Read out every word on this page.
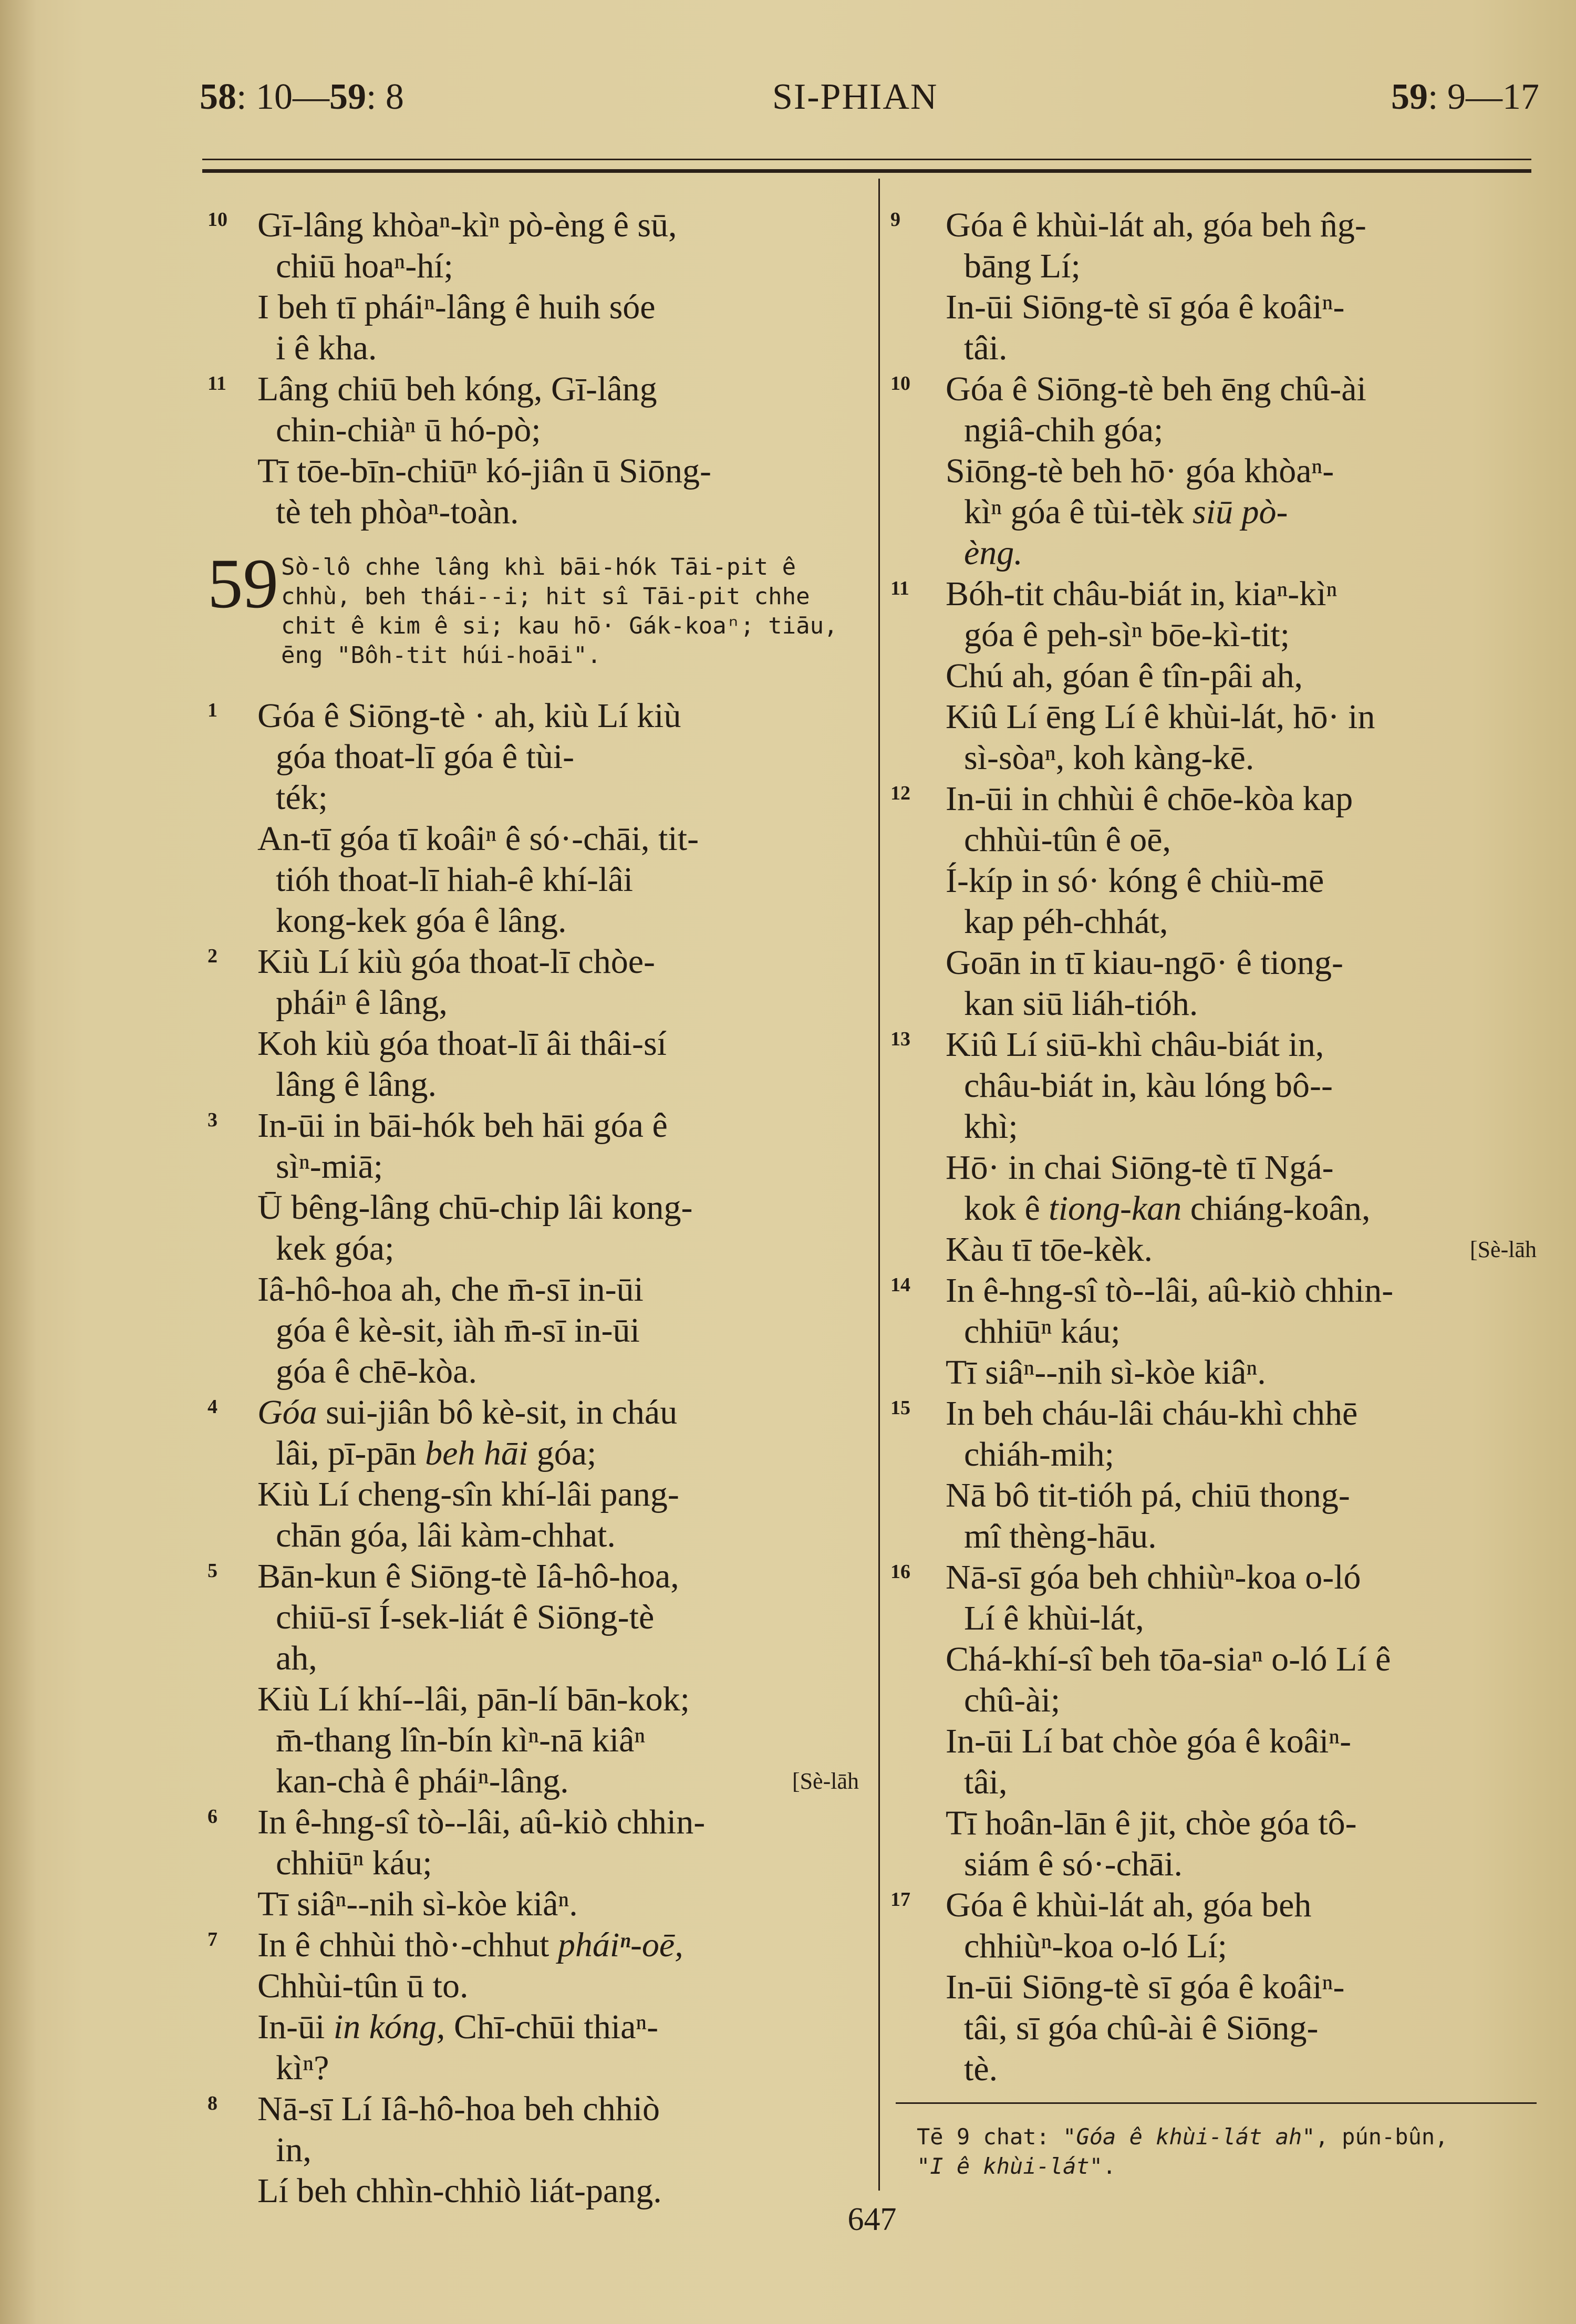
58: 10—59: 8	SI-PHIAN	59: 9—17
10 Gī-lâng khòaⁿ-kìⁿ pò-èng ê sū,
chiū hoaⁿ-hí;
I beh tī pháiⁿ-lâng ê huih sóe
i ê kha.
11 Lâng chiū beh kóng, Gī-lâng
chin-chiàⁿ ū hó-pò;
Tī tōe-bīn-chiūⁿ kó-jiân ū Siōng-
tè teh phòaⁿ-toàn.
59 Sò-lô chhe lâng khì bāi-hók Tāi-pit ê chhù, beh thái--i; hit sî Tāi-pit chhe chit ê kim ê si; kau hō· Gák-koaⁿ; tiāu, ēng "Bôh-tit húi-hoāi".
1	Góa ê Siōng-tè · ah, kiù Lí kiù
góa thoat-lī góa ê tùi-
ték;
An-tī góa tī koâiⁿ ê só·-chāi, tit-
tióh thoat-lī hiah-ê khí-lâi
kong-kek góa ê lâng.
2	Kiù Lí kiù góa thoat-lī chòe-
pháiⁿ ê lâng,
Koh kiù góa thoat-lī âi thâi-sí
lâng ê lâng.
3	In-ūi in bāi-hók beh hāi góa ê
sìⁿ-miā;
Ū bêng-lâng chū-chip lâi kong-
kek góa;
Iâ-hô-hoa ah, che m̄-sī in-ūi
góa ê kè-sit, iàh m̄-sī in-ūi
góa ê chē-kòa.
4	Góa sui-jiân bô kè-sit, in cháu
lâi, pī-pān beh hāi góa;
Kiù Lí cheng-sîn khí-lâi pang-
chān góa, lâi kàm-chhat.
5	Bān-kun ê Siōng-tè Iâ-hô-hoa,
chiū-sī Í-sek-liát ê Siōng-tè
ah,
Kiù Lí khí--lâi, pān-lí bān-kok;
m̄-thang lîn-bín kìⁿ-nā kiâⁿ
kan-chà ê pháiⁿ-lâng.	[Sè-lāh
6	In ê-hng-sî tò--lâi, aû-kiò chhin-
chhiūⁿ káu;
Tī siâⁿ--nih sì-kòe kiâⁿ.
7	In ê chhùi thò·-chhut pháiⁿ-oē,
Chhùi-tûn ū to.
In-ūi in kóng, Chī-chūi thiaⁿ-
kìⁿ?
8	Nā-sī Lí Iâ-hô-hoa beh chhiò
in,
Lí beh chhìn-chhiò liát-pang.
9	Góa ê khùi-lát ah, góa beh n̂g-
bāng Lí;
In-ūi Siōng-tè sī góa ê koâiⁿ-
tâi.
10	Góa ê Siōng-tè beh ēng chû-ài
ngiâ-chih góa;
Siōng-tè beh hō· góa khòaⁿ-
kìⁿ góa ê tùi-tèk siū pò-
èng.
11	Bóh-tit châu-biát in, kiaⁿ-kìⁿ
góa ê peh-sìⁿ bōe-kì-tit;
Chú ah, góan ê tîn-pâi ah,
Kiû Lí ēng Lí ê khùi-lát, hō· in
sì-sòaⁿ, koh kàng-kē.
12	In-ūi in chhùi ê chōe-kòa kap
chhùi-tûn ê oē,
Í-kíp in só· kóng ê chiù-mē
kap péh-chhát,
Goān in tī kiau-ngō· ê tiong-
kan siū liáh-tióh.
13	Kiû Lí siū-khì châu-biát in,
châu-biát in, kàu lóng bô--
khì;
Hō· in chai Siōng-tè tī Ngá-
kok ê tiong-kan chiáng-koân,
Kàu tī tōe-kèk.	[Sè-lāh
14	In ê-hng-sî tò--lâi, aû-kiò chhin-
chhiūⁿ káu;
Tī siâⁿ--nih sì-kòe kiâⁿ.
15	In beh cháu-lâi cháu-khì chhē
chiáh-mih;
Nā bô tit-tióh pá, chiū thong-
mî thèng-hāu.
16	Nā-sī góa beh chhiùⁿ-koa o-ló
Lí ê khùi-lát,
Chá-khí-sî beh tōa-siaⁿ o-ló Lí ê
chû-ài;
In-ūi Lí bat chòe góa ê koâiⁿ-
tâi,
Tī hoân-lān ê jit, chòe góa tô-
siám ê só·-chāi.
17	Góa ê khùi-lát ah, góa beh
chhiùⁿ-koa o-ló Lí;
In-ūi Siōng-tè sī góa ê koâiⁿ-
tâi, sī góa chû-ài ê Siōng-
tè.
Tē 9 chat: "Góa ê khùi-lát ah", pún-bûn,
"I ê khùi-lát".
647
